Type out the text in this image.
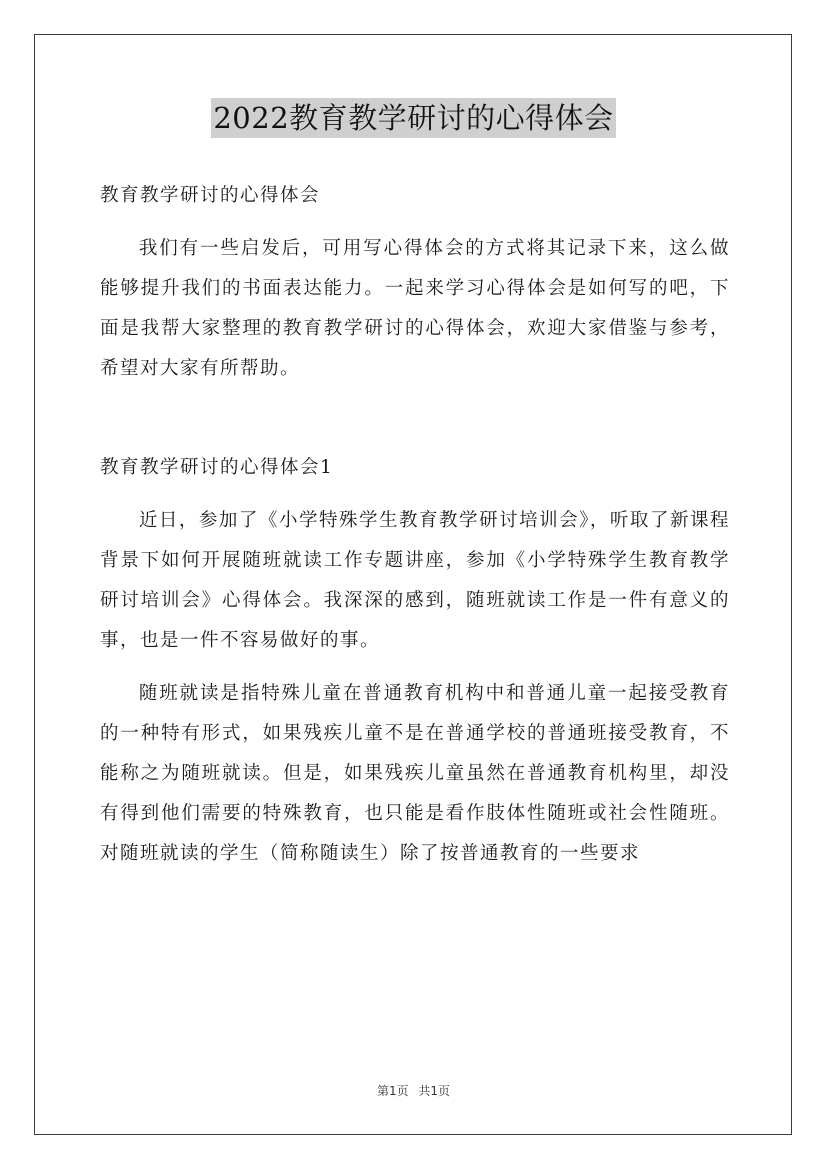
2022教育教学研讨的心得体会
教育教学研讨的心得体会

我们有一些启发后，可用写心得体会的方式将其记录下来，这么做能够提升我们的书面表达能力。一起来学习心得体会是如何写的吧，下面是我帮大家整理的教育教学研讨的心得体会，欢迎大家借鉴与参考，希望对大家有所帮助。

教育教学研讨的心得体会1

近日，参加了《小学特殊学生教育教学研讨培训会》，听取了新课程背景下如何开展随班就读工作专题讲座，参加《小学特殊学生教育教学研讨培训会》心得体会。我深深的感到，随班就读工作是一件有意义的事，也是一件不容易做好的事。

随班就读是指特殊儿童在普通教育机构中和普通儿童一起接受教育的一种特有形式，如果残疾儿童不是在普通学校的普通班接受教育，不能称之为随班就读。但是，如果残疾儿童虽然在普通教育机构里，却没有得到他们需要的特殊教育，也只能是看作肢体性随班或社会性随班。对随班就读的学生（简称随读生）除了按普通教育的一些要求

第1页 共1页
